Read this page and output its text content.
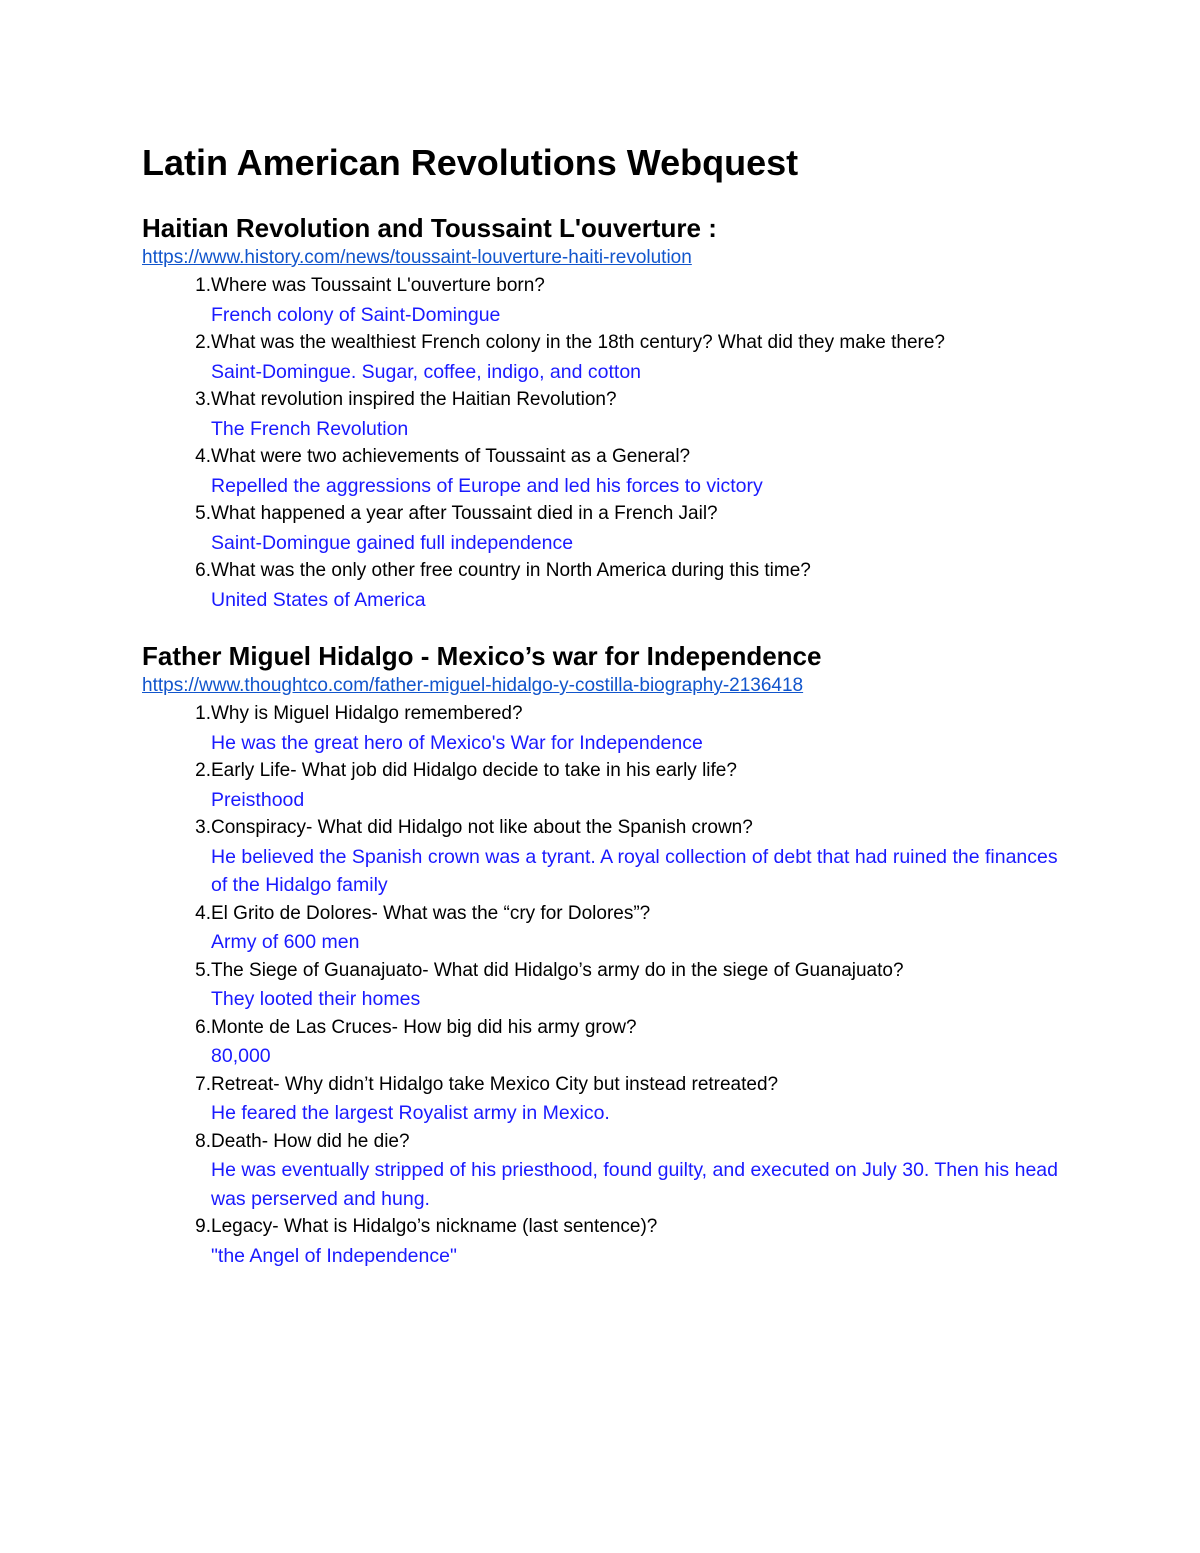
Latin American Revolutions Webquest
Haitian Revolution and Toussaint L'ouverture :
https://www.history.com/news/toussaint-louverture-haiti-revolution
1. Where was Toussaint L'ouverture born?
French colony of Saint-Domingue
2. What was the wealthiest French colony in the 18th century? What did they make there?
Saint-Domingue. Sugar, coffee, indigo, and cotton
3. What revolution inspired the Haitian Revolution?
The French Revolution
4. What were two achievements of Toussaint as a General?
Repelled the aggressions of Europe and led his forces to victory
5. What happened a year after Toussaint died in a French Jail?
Saint-Domingue gained full independence
6. What was the only other free country in North America during this time?
United States of America
Father Miguel Hidalgo - Mexico’s war for Independence
https://www.thoughtco.com/father-miguel-hidalgo-y-costilla-biography-2136418
1. Why is Miguel Hidalgo remembered?
He was the great hero of Mexico's War for Independence
2. Early Life- What job did Hidalgo decide to take in his early life?
Preisthood
3. Conspiracy- What did Hidalgo not like about the Spanish crown?
He believed the Spanish crown was a tyrant. A royal collection of debt that had ruined the finances of the Hidalgo family
4. El Grito de Dolores- What was the “cry for Dolores”?
Army of 600 men
5. The Siege of Guanajuato- What did Hidalgo’s army do in the siege of Guanajuato?
They looted their homes
6. Monte de Las Cruces- How big did his army grow?
80,000
7. Retreat- Why didn’t Hidalgo take Mexico City but instead retreated?
He feared the largest Royalist army in Mexico.
8. Death- How did he die?
He was eventually stripped of his priesthood, found guilty, and executed on July 30. Then his head was perserved and hung.
9. Legacy- What is Hidalgo’s nickname (last sentence)?
"the Angel of Independence"
